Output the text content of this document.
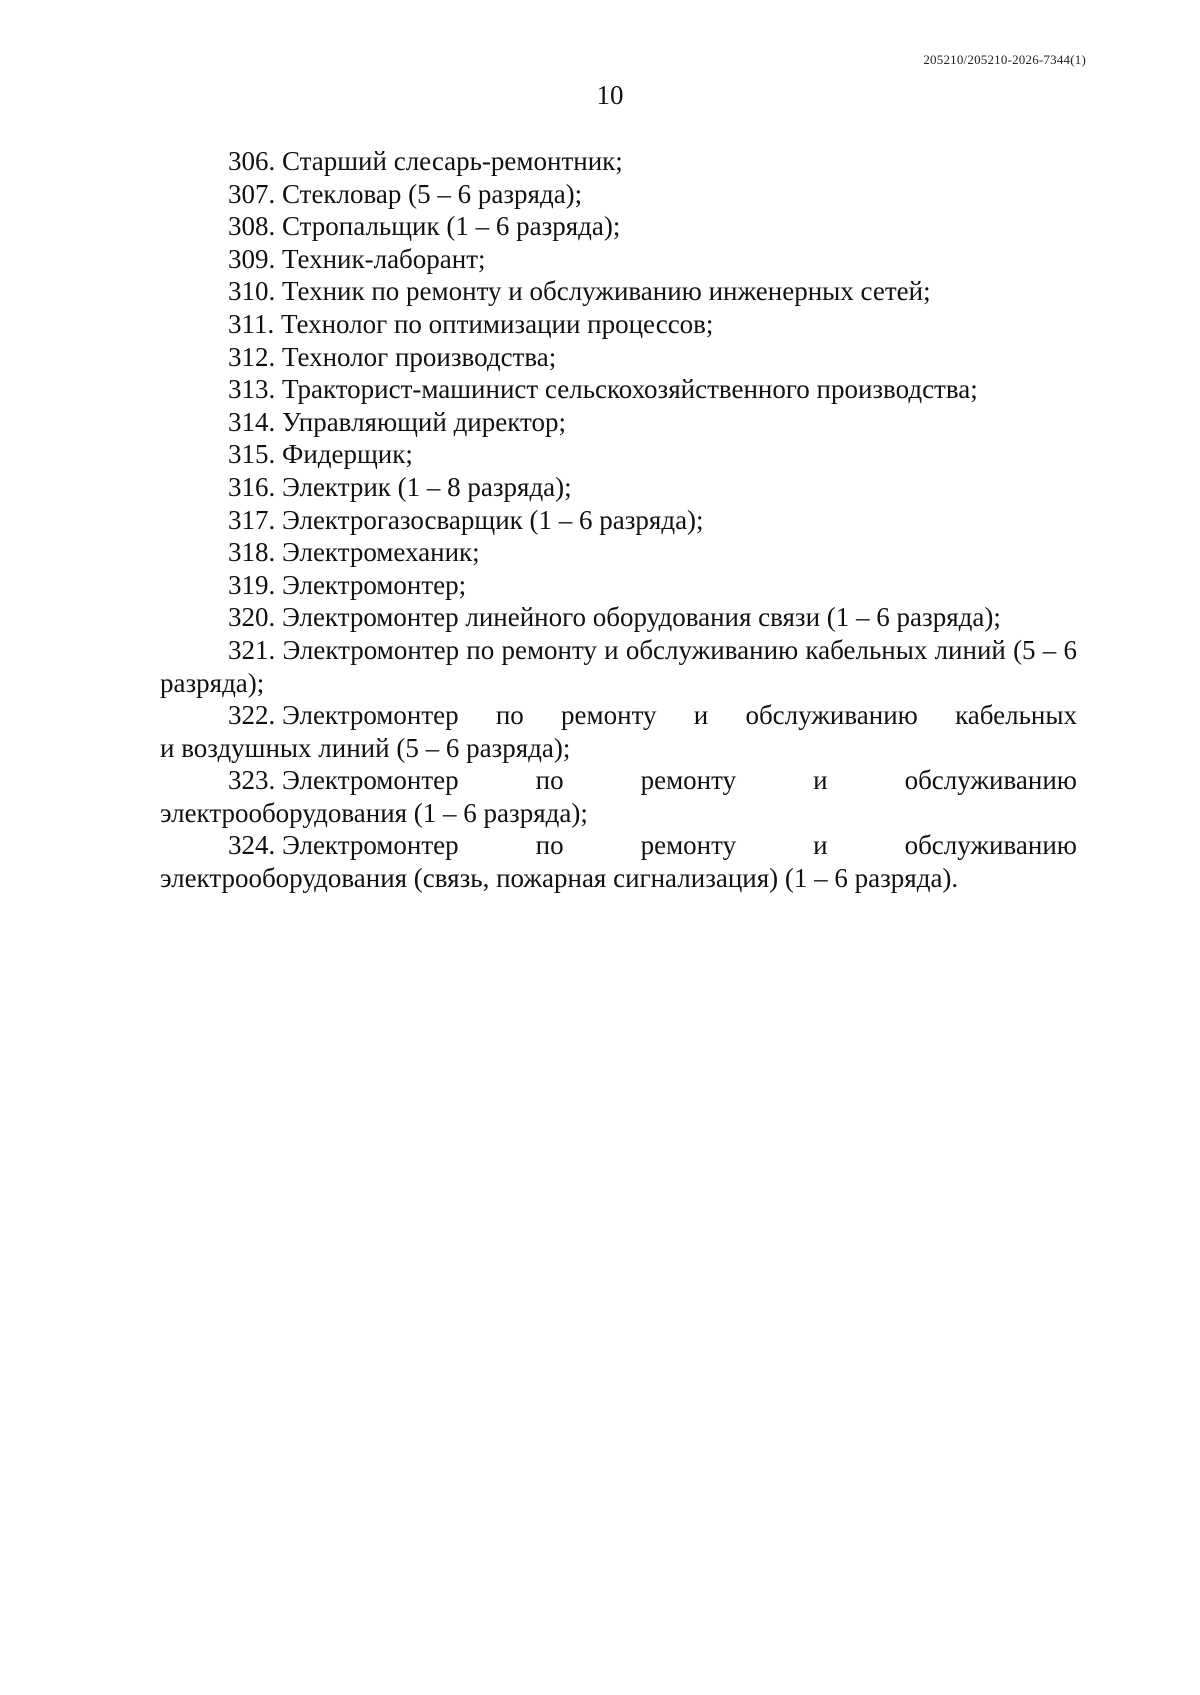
205210/205210-2026-7344(1)
10

306. Старший слесарь-ремонтник;

307. Стекловар (5 – 6 разряда);

308. Стропальщик (1 – 6 разряда);

309. Техник-лаборант;

310. Техник по ремонту и обслуживанию инженерных сетей;

311. Технолог по оптимизации процессов;

312. Технолог производства;

313. Тракторист-машинист сельскохозяйственного производства;

314. Управляющий директор;

315. Фидерщик;

316. Электрик (1 – 8 разряда);

317. Электрогазосварщик (1 – 6 разряда);

318. Электромеханик;

319. Электромонтер;

320. Электромонтер линейного оборудования связи (1 – 6 разряда);

321. Электромонтер по ремонту и обслуживанию кабельных линий (5 – 6 разряда);

322. Электромонтер по ремонту и обслуживанию кабельных
и воздушных линий (5 – 6 разряда);
323. Электромонтер	по	ремонту	и	обслуживанию
электрооборудования (1 – 6 разряда);
324. Электромонтер	по	ремонту	и	обслуживанию
электрооборудования (связь, пожарная сигнализация) (1 – 6 разряда).
